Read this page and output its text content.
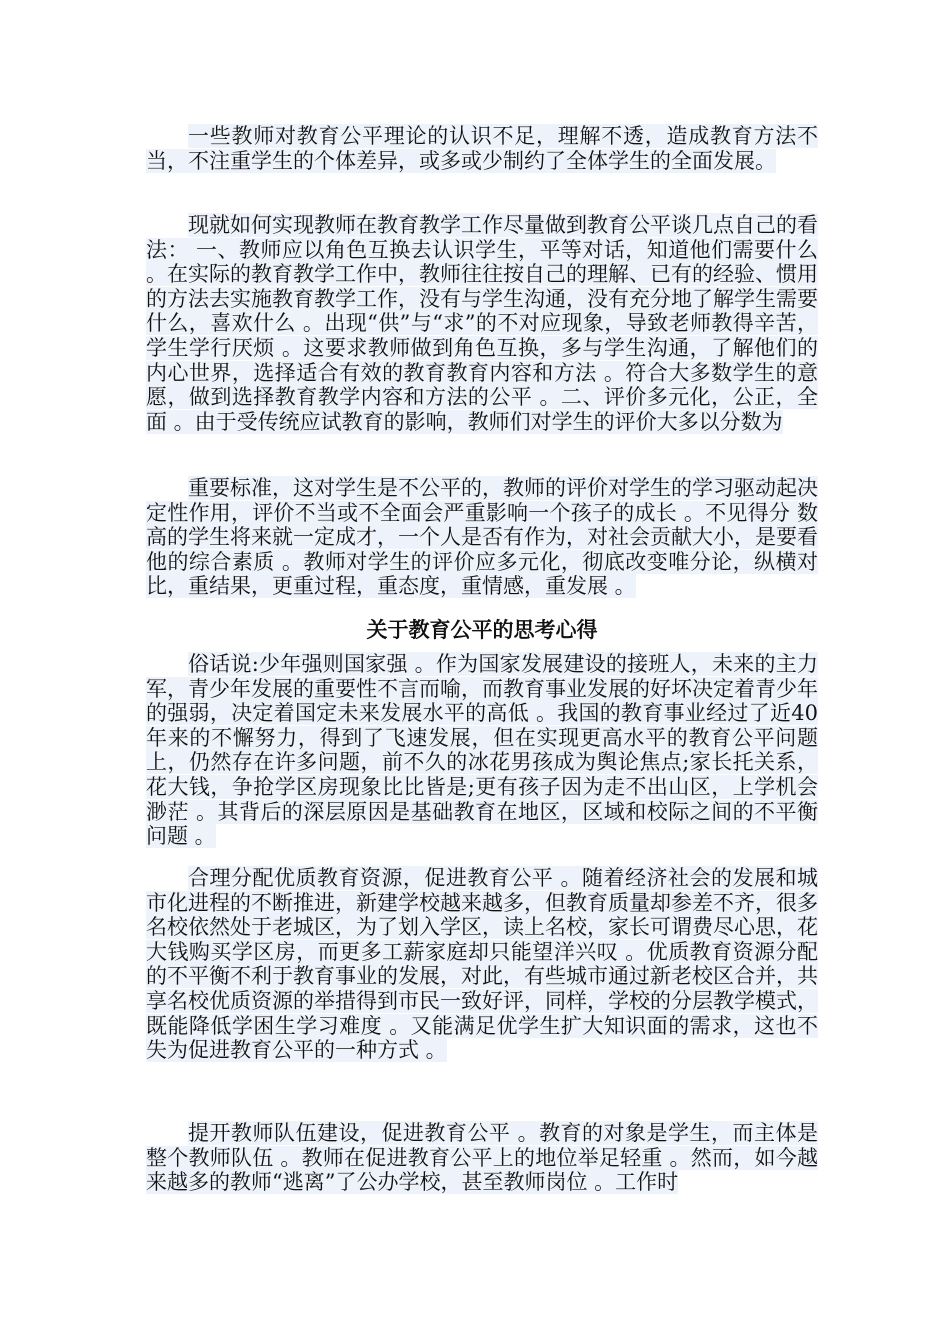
一些教师对教育公平理论的认识不足，理解不透，造成教育方法不当，不注重学生的个体差异，或多或少制约了全体学生的全面发展。

现就如何实现教师在教育教学工作尽量做到教育公平谈几点自己的看法： 一、教师应以角色互换去认识学生，平等对话，知道他们需要什么 。在实际的教育教学工作中，教师往往按自己的理解、已有的经验、惯用的方法去实施教育教学工作，没有与学生沟通，没有充分地了解学生需要什么，喜欢什么 。出现“供”与“求”的不对应现象，导致老师教得辛苦，学生学行厌烦 。这要求教师做到角色互换，多与学生沟通，了解他们的内心世界，选择适合有效的教育教育内容和方法 。符合大多数学生的意愿，做到选择教育教学内容和方法的公平 。二、评价多元化，公正，全面 。由于受传统应试教育的影响，教师们对学生的评价大多以分数为

重要标准，这对学生是不公平的，教师的评价对学生的学习驱动起决 定性作用，评价不当或不全面会严重影响一个孩子的成长 。不见得分 数高的学生将来就一定成才，一个人是否有作为，对社会贡献大小，是要看他的综合素质 。教师对学生的评价应多元化，彻底改变唯分论，纵横对比，重结果，更重过程，重态度，重情感，重发展 。

关于教育公平的思考心得

俗话说:少年强则国家强 。作为国家发展建设的接班人，未来的主力军，青少年发展的重要性不言而喻，而教育事业发展的好坏决定着青少年的强弱，决定着国定未来发展水平的高低 。我国的教育事业经过了近40年来的不懈努力，得到了飞速发展，但在实现更高水平的教育公平问题上，仍然存在许多问题，前不久的冰花男孩成为舆论焦点;家长托关系，花大钱，争抢学区房现象比比皆是;更有孩子因为走不出山区，上学机会渺茫 。其背后的深层原因是基础教育在地区，区域和校际之间的不平衡问题 。

合理分配优质教育资源，促进教育公平 。随着经济社会的发展和城市化进程的不断推进，新建学校越来越多，但教育质量却参差不齐，很多名校依然处于老城区，为了划入学区，读上名校，家长可谓费尽心思，花大钱购买学区房，而更多工薪家庭却只能望洋兴叹 。优质教育资源分配的不平衡不利于教育事业的发展，对此，有些城市通过新老校区合并，共享名校优质资源的举措得到市民一致好评，同样，学校的分层教学模式，既能降低学困生学习难度 。又能满足优学生扩大知识面的需求，这也不失为促进教育公平的一种方式 。

提开教师队伍建设，促进教育公平 。教育的对象是学生，而主体是整个教师队伍 。教师在促进教育公平上的地位举足轻重 。然而，如今越来越多的教师“逃离”了公办学校，甚至教师岗位 。工作时
